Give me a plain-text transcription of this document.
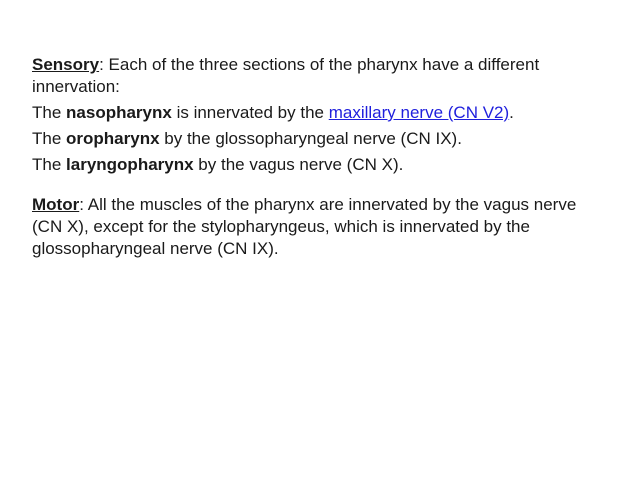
Sensory: Each of the three sections of the pharynx have a different innervation:

The nasopharynx is innervated by the maxillary nerve (CN V2).

The oropharynx by the glossopharyngeal nerve (CN IX).

The laryngopharynx by the vagus nerve (CN X).

Motor: All the muscles of the pharynx are innervated by the vagus nerve (CN X), except for the stylopharyngeus, which is innervated by the glossopharyngeal nerve (CN IX).
